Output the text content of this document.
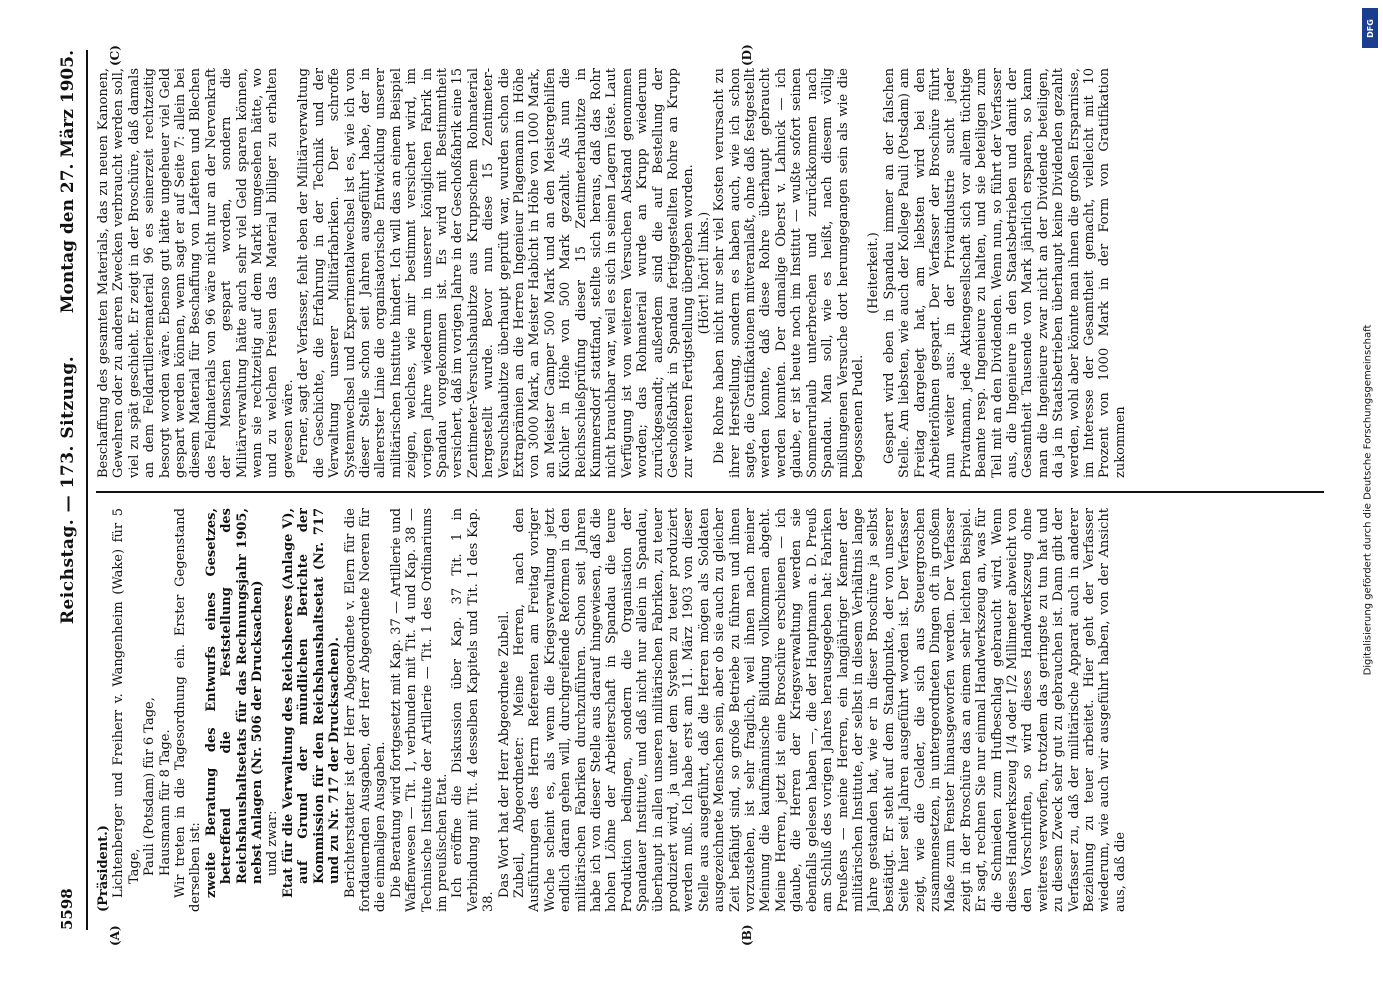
5598
Reichstag. — 173. Sitzung.
Montag den 27. März 1905.

(Präsident.) Lichtenberger und Freiherr v. Wangenheim (Wake) für 5 Tage, Pauli (Potsdam) für 6 Tage, Hausmann für 8 Tage. Wir treten in die Tagesordnung ein. Erster Gegenstand derselben ist: zweite Beratung des Entwurfs eines Gesetzes, betreffend die Feststellung des Reichshaushaltsetats für das Rechnungsjahr 1905, nebst Anlagen (Nr. 506 der Drucksachen) und zwar: Etat für die Verwaltung des Reichsheeres (Anlage V), auf Grund der mündlichen Berichte der Kommission für den Reichshaushaltsetat (Nr. 717 und zu Nr. 717 der Drucksachen). Berichterstatter ist der Herr Abgeordnete v. Elern für die fortdauernden Ausgaben, der Herr Abgeordnete Noeren für die einmaligen Ausgaben. Die Beratung wird fortgesetzt mit Kap. 37 — Artillerie und Waffenwesen — Tit. 1, verbunden mit Tit. 4 und Kap. 38 — Technische Institute der Artillerie — Tit. 1 des Ordinariums im preußischen Etat. Ich eröffne die Diskussion über Kap. 37 Tit. 1 in Verbindung mit Tit. 4 desselben Kapitels und Tit. 1 des Kap. 38.

Das Wort hat der Herr Abgeordnete Zubeil. Zubeil, Abgeordneter: Meine Herren, nach den Ausführungen des Herrn Referenten am Freitag voriger Woche scheint es, als wenn die Kriegsverwaltung jetzt endlich daran gehen will, durchgreifende Reformen in den militärischen Fabriken durchzuführen. Schon seit Jahren habe ich von dieser Stelle aus darauf hingewiesen, daß die hohen Löhne der Arbeiterschaft in Spandau die teure Produktion bedingen, sondern die Organisation der Spandauer Institute, und daß nicht nur allein in Spandau, überhaupt in allen unseren militärischen Fabriken, zu teuer produziert wird, ja unter dem System zu teuer produziert werden muß. Ich habe erst am 11. März 1903 von dieser Stelle aus ausgeführt, daß die Herren mögen als Soldaten ausgezeichnete Menschen sein, aber ob sie auch zu gleicher Zeit befähigt sind, so große Betriebe zu führen und ihnen vorzustehen, ist sehr fraglich, weil ihnen nach meiner Meinung die kaufmännische Bildung vollkommen abgeht. Meine Herren, jetzt ist eine Broschüre erschienen — ich glaube, die Herren der Kriegsverwaltung werden sie ebenfalls gelesen haben —, die der Hauptmann a. D. Preuß am Schluß des vorigen Jahres herausgegeben hat: Fabriken Preußens — meine Herren, ein langjähriger Kenner der militärischen Institute, der selbst in diesem Verhältnis lange Jahre gestanden hat, wie er in dieser Broschüre ja selbst bestätigt. Er steht auf dem Standpunkte, der von unserer Seite hier seit Jahren ausgeführt worden ist. Der Verfasser zeigt, wie die Gelder, die sich aus Steuergroschen zusammensetzen, in untergeordneten Dingen oft in großem Maße zum Fenster hinausgeworfen werden. Der Verfasser zeigt in der Broschüre das an einem sehr leichten Beispiel. Er sagt, rechnen Sie nur einmal Handwerkszeug an, was für die Schmieden zum Hufbeschlag gebraucht wird. Wenn dieses Handwerkszeug 1/4 oder 1/2 Millimeter abweicht von den Vorschriften, so wird dieses Handwerkszeug ohne weiteres verworfen, trotzdem das geringste zu tun hat und zu diesem Zweck sehr gut zu gebrauchen ist. Dann gibt der Verfasser zu, daß der militärische Apparat auch in anderer Beziehung zu teuer arbeitet. Hier geht der Verfasser wiederum, wie auch wir ausgeführt haben, von der Ansicht aus, daß die

Beschaffung des gesamten Materials, das zu neuen Kanonen, Gewehren oder zu anderen Zwecken verbraucht werden soll, viel zu spät geschieht. Er zeigt in der Broschüre, daß damals an dem Feldartilleriematerial 96 es seinerzeit rechtzeitig besorgt worden wäre. Ebenso gut hätte ungeheuer viel Geld gespart werden können, wenn sagt er auf Seite 7: allein bei diesem Material für Beschaffung von Lafetten und Blechen des Feldmaterials von 96 wäre nicht nur an der Nervenkraft der Menschen gespart worden, sondern die Militärverwaltung hätte auch sehr viel Geld sparen können, wenn sie rechtzeitig auf dem Markt umgesehen hätte, wo und zu welchen Preisen das Material billiger zu erhalten gewesen wäre. Ferner, sagt der Verfasser, fehlt eben der Militärverwaltung die Geschichte, die Erfahrung in der Technik und der Verwaltung unserer Militärfabriken. Der schroffe Systemwechsel und Experimentalwechsel ist es, wie ich von dieser Stelle schon seit Jahren ausgeführt habe, der in allererster Linie die organisatorische Entwicklung unserer militärischen Institute hindert. Ich will das an einem Beispiel zeigen, welches, wie mir bestimmt versichert wird, im vorigen Jahre wiederum in unserer königlichen Fabrik in Spandau vorgekommen ist. Es wird mit Bestimmtheit versichert, daß im vorigen Jahre in der Geschoßfabrik eine 15 Zentimeter-Versuchshaubitze aus Kruppschem Rohmaterial hergestellt wurde. Bevor nun diese 15 Zentimeter-Versuchshaubitze überhaupt geprüft war, wurden schon die Extraprämien an die Herren Ingenieur Plagemann in Höhe von 3000 Mark, an Meister Habicht in Höhe von 1000 Mark, an Meister Gamper 500 Mark und an den Meistergehilfen Küchler in Höhe von 500 Mark gezahlt. Als nun die Reichsschießprüfung dieser 15 Zentimeterhaubitze in Kummersdorf stattfand, stellte sich heraus, daß das Rohr nicht brauchbar war, weil es sich in seinen Lagern löste. Laut Verfügung ist von weiteren Versuchen Abstand genommen worden; das Rohmaterial wurde an Krupp wiederum zurückgesandt; außerdem sind die auf Bestellung der Geschoßfabrik in Spandau fertiggestellten Rohre an Krupp zur weiteren Fertigstellung übergeben worden. (Hört! hört! links.) Die Rohre haben nicht nur sehr viel Kosten verursacht zu ihrer Herstellung, sondern es haben auch, wie ich schon sagte, die Gratifikationen mitveranlaßt, ohne daß festgestellt werden konnte, daß diese Rohre überhaupt gebraucht werden konnten. Der damalige Oberst v. Lahnick — ich glaube, er ist heute noch im Institut — wußte sofort seinen Sommerurlaub unterbrechen und zurückkommen nach Spandau. Man soll, wie es heißt, nach diesem völlig mißlungenen Versuche dort herumgegangen sein als wie die begossenen Pudel.

(Heiterkeit.) Gespart wird eben in Spandau immer an der falschen Stelle. Am liebsten, wie auch der Kollege Pauli (Potsdam) am Freitag dargelegt hat, am liebsten wird bei den Arbeiterlöhnen gespart. Der Verfasser der Broschüre führt nun weiter aus: in der Privatindustrie sucht jeder Privatmann, jede Aktiengesellschaft sich vor allem tüchtige Beamte resp. Ingenieure zu halten, und sie beteiligen zum Teil mit an den Dividenden. Wenn nun, so führt der Verfasser aus, die Ingenieure in den Staatsbetrieben und damit der Gesamtheit Tausende von Mark jährlich ersparen, so kann man die Ingenieure zwar nicht an der Dividende beteiligen, da ja in Staatsbetrieben überhaupt keine Dividenden gezahlt werden, wohl aber könnte man ihnen die großen Ersparnisse, im Interesse der Gesamtheit gemacht, vielleicht mit 10 Prozent von 1000 Mark in der Form von Gratifikation zukommen

(A)	(B)
(C)	(D)
DFG
Digitalisierung gefördert durch die Deutsche Forschungsgemeinschaft
